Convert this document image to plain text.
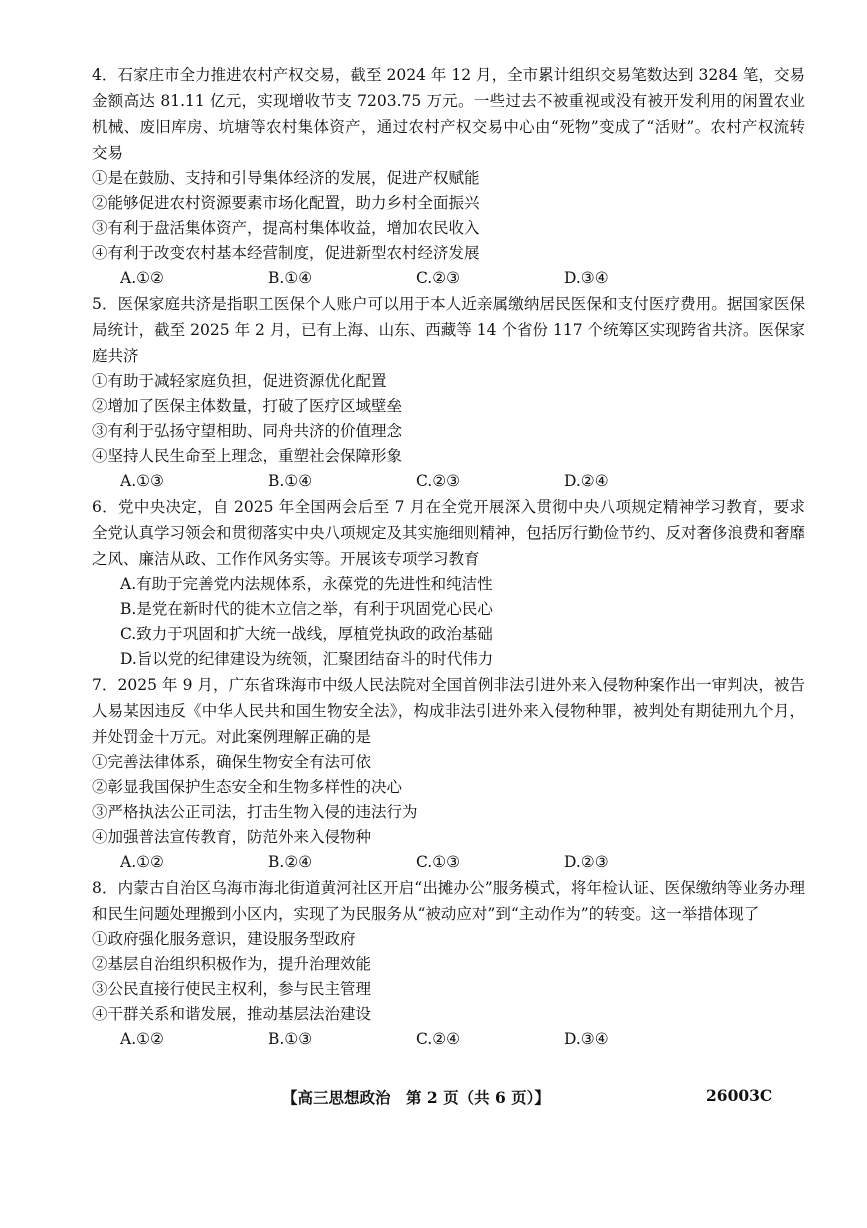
4．石家庄市全力推进农村产权交易，截至 2024 年 12 月，全市累计组织交易笔数达到 3284 笔，交易金额高达 81.11 亿元，实现增收节支 7203.75 万元。一些过去不被重视或没有被开发利用的闲置农业机械、废旧库房、坑塘等农村集体资产，通过农村产权交易中心由“死物”变成了“活财”。农村产权流转交易

①是在鼓励、支持和引导集体经济的发展，促进产权赋能

②能够促进农村资源要素市场化配置，助力乡村全面振兴

③有利于盘活集体资产，提高村集体收益，增加农民收入

④有利于改变农村基本经营制度，促进新型农村经济发展

A.①②	B.①④	C.②③	D.③④

5．医保家庭共济是指职工医保个人账户可以用于本人近亲属缴纳居民医保和支付医疗费用。据国家医保局统计，截至 2025 年 2 月，已有上海、山东、西藏等 14 个省份 117 个统筹区实现跨省共济。医保家庭共济

①有助于减轻家庭负担，促进资源优化配置

②增加了医保主体数量，打破了医疗区域壁垒

③有利于弘扬守望相助、同舟共济的价值理念

④坚持人民生命至上理念，重塑社会保障形象

A.①③	B.①④	C.②③	D.②④

6．党中央决定，自 2025 年全国两会后至 7 月在全党开展深入贯彻中央八项规定精神学习教育，要求全党认真学习领会和贯彻落实中央八项规定及其实施细则精神，包括厉行勤俭节约、反对奢侈浪费和奢靡之风、廉洁从政、工作作风务实等。开展该专项学习教育

A.有助于完善党内法规体系，永葆党的先进性和纯洁性

B.是党在新时代的徙木立信之举，有利于巩固党心民心

C.致力于巩固和扩大统一战线，厚植党执政的政治基础

D.旨以党的纪律建设为统领，汇聚团结奋斗的时代伟力

7．2025 年 9 月，广东省珠海市中级人民法院对全国首例非法引进外来入侵物种案作出一审判决，被告人易某因违反《中华人民共和国生物安全法》，构成非法引进外来入侵物种罪，被判处有期徒刑九个月，并处罚金十万元。对此案例理解正确的是

①完善法律体系，确保生物安全有法可依

②彰显我国保护生态安全和生物多样性的决心

③严格执法公正司法，打击生物入侵的违法行为

④加强普法宣传教育，防范外来入侵物种

A.①②	B.②④	C.①③	D.②③

8．内蒙古自治区乌海市海北街道黄河社区开启“出摊办公”服务模式，将年检认证、医保缴纳等业务办理和民生问题处理搬到小区内，实现了为民服务从“被动应对”到“主动作为”的转变。这一举措体现了

①政府强化服务意识，建设服务型政府

②基层自治组织积极作为，提升治理效能

③公民直接行使民主权利，参与民主管理

④干群关系和谐发展，推动基层法治建设

A.①②	B.①③	C.②④	D.③④
【高三思想政治　第 2 页（共 6 页）】	26003C
